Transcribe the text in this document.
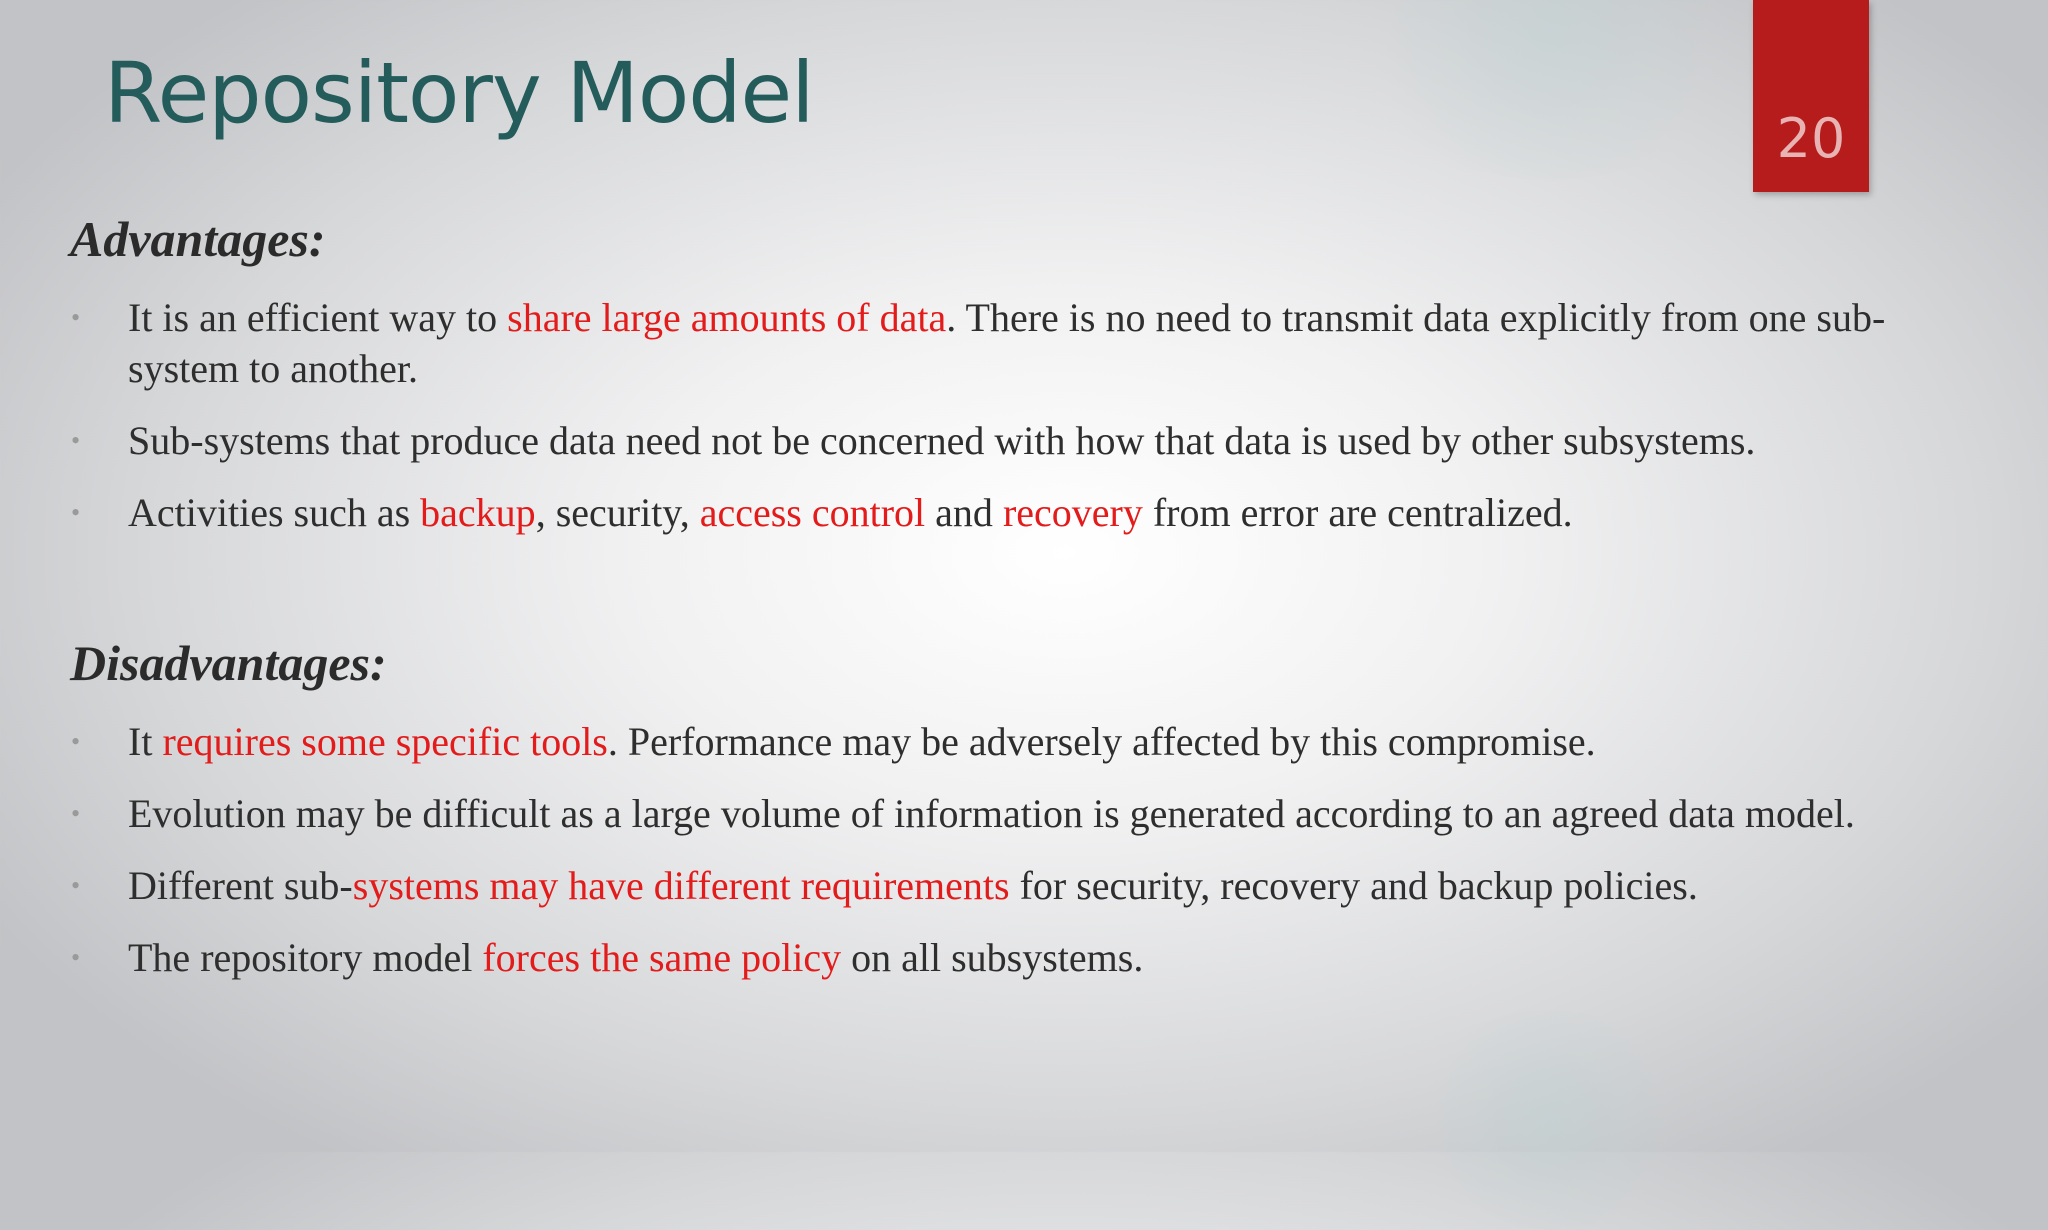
Repository Model	20
Advantages:
• It is an efficient way to share large amounts of data. There is no need to transmit data explicitly from one sub-system to another.
• Sub-systems that produce data need not be concerned with how that data is used by other subsystems.
• Activities such as backup, security, access control and recovery from error are centralized.
Disadvantages:
• It requires some specific tools. Performance may be adversely affected by this compromise.
• Evolution may be difficult as a large volume of information is generated according to an agreed data model.
• Different sub-systems may have different requirements for security, recovery and backup policies.
• The repository model forces the same policy on all subsystems.
